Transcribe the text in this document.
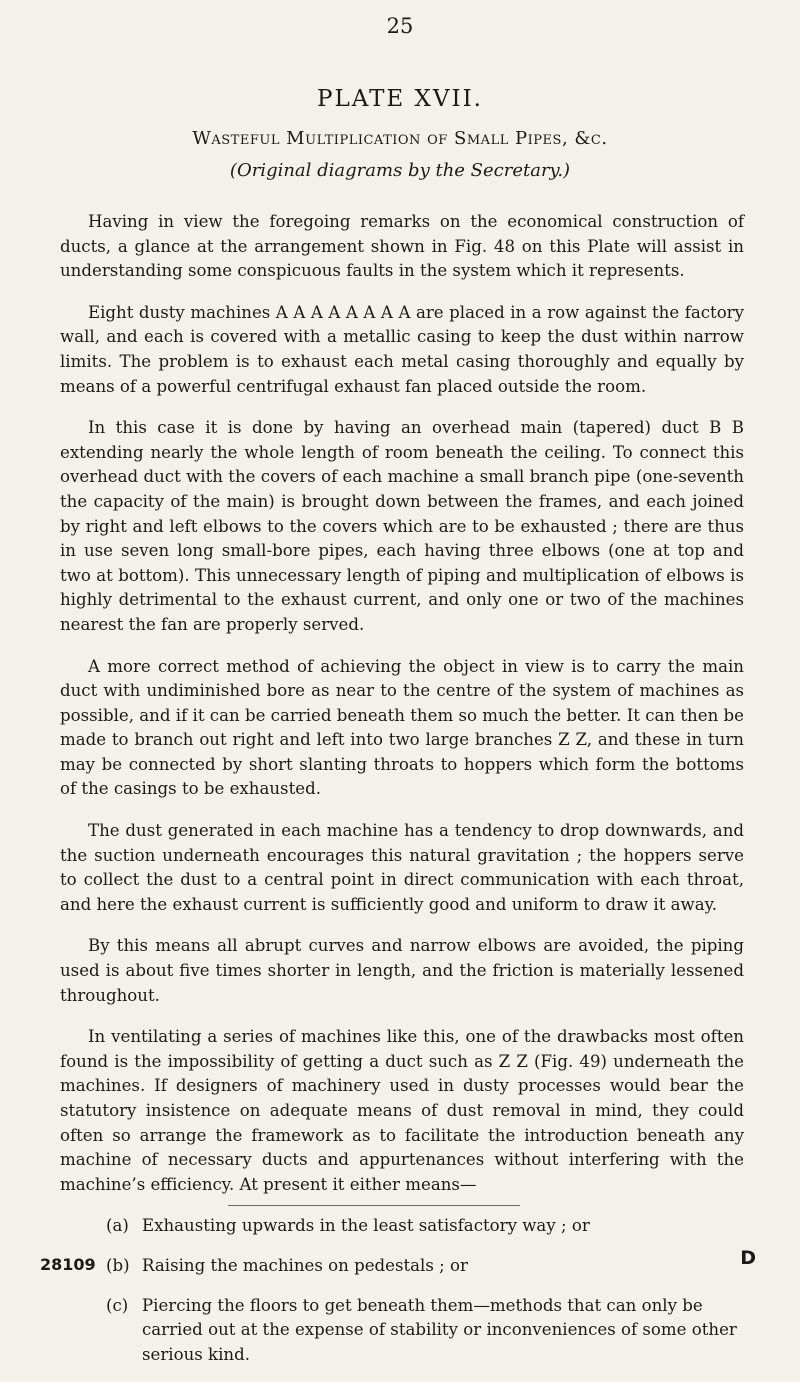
25
PLATE XVII.
Wasteful Multiplication of Small Pipes, &c.
(Original diagrams by the Secretary.)

Having in view the foregoing remarks on the economical construction of ducts, a glance at the arrangement shown in Fig. 48 on this Plate will assist in understanding some conspicuous faults in the system which it represents.

Eight dusty machines A A A A A A A A are placed in a row against the factory wall, and each is covered with a metallic casing to keep the dust within narrow limits. The problem is to exhaust each metal casing thoroughly and equally by means of a powerful centrifugal exhaust fan placed outside the room.

In this case it is done by having an overhead main (tapered) duct B B extending nearly the whole length of room beneath the ceiling. To connect this overhead duct with the covers of each machine a small branch pipe (one-seventh the capacity of the main) is brought down between the frames, and each joined by right and left elbows to the covers which are to be exhausted ; there are thus in use seven long small-bore pipes, each having three elbows (one at top and two at bottom). This unnecessary length of piping and multiplication of elbows is highly detrimental to the exhaust current, and only one or two of the machines nearest the fan are properly served.

A more correct method of achieving the object in view is to carry the main duct with undiminished bore as near to the centre of the system of machines as possible, and if it can be carried beneath them so much the better. It can then be made to branch out right and left into two large branches Z Z, and these in turn may be connected by short slanting throats to hoppers which form the bottoms of the casings to be exhausted.

The dust generated in each machine has a tendency to drop downwards, and the suction underneath encourages this natural gravitation ; the hoppers serve to collect the dust to a central point in direct communication with each throat, and here the exhaust current is sufficiently good and uniform to draw it away.

By this means all abrupt curves and narrow elbows are avoided, the piping used is about five times shorter in length, and the friction is materially lessened throughout.

In ventilating a series of machines like this, one of the drawbacks most often found is the impossibility of getting a duct such as Z Z (Fig. 49) underneath the machines. If designers of machinery used in dusty processes would bear the statutory insistence on adequate means of dust removal in mind, they could often so arrange the framework as to facilitate the introduction beneath any machine of necessary ducts and appurtenances without interfering with the machine’s efficiency. At present it either means—

(a) Exhausting upwards in the least satisfactory way ; or
(b) Raising the machines on pedestals ; or
(c) Piercing the floors to get beneath them—methods that can only be carried out at the expense of stability or inconveniences of some other serious kind.
28109	D
